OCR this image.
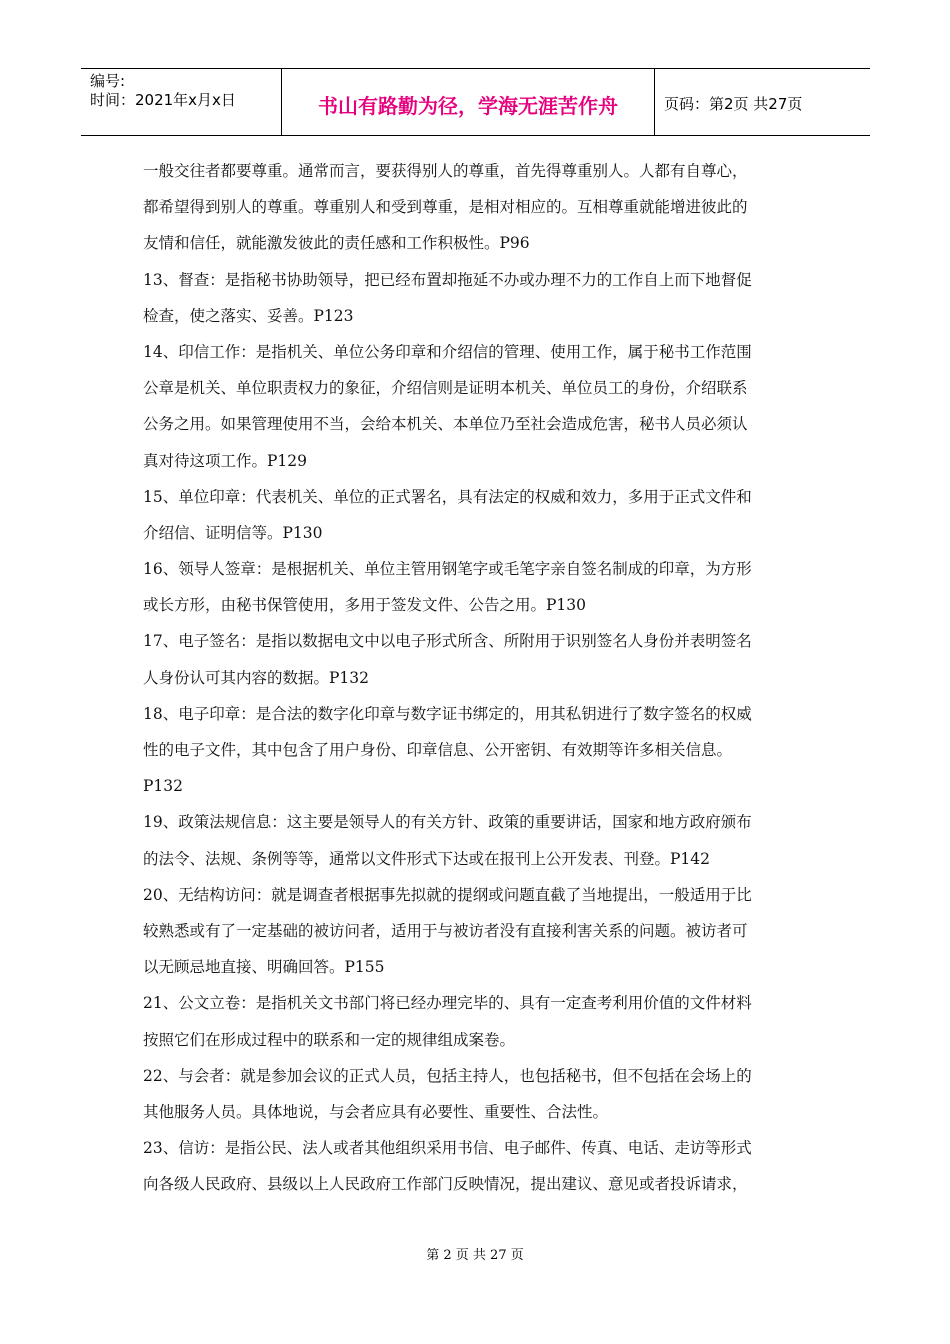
编号:
时间：2021年x月x日	书山有路勤为径，学海无涯苦作舟	页码：第2页 共27页
一般交往者都要尊重。通常而言，要获得别人的尊重，首先得尊重别人。人都有自尊心，
都希望得到别人的尊重。尊重别人和受到尊重，是相对相应的。互相尊重就能增进彼此的
友情和信任，就能激发彼此的责任感和工作积极性。P96
13、督查：是指秘书协助领导，把已经布置却拖延不办或办理不力的工作自上而下地督促
检查，使之落实、妥善。P123
14、印信工作：是指机关、单位公务印章和介绍信的管理、使用工作，属于秘书工作范围
公章是机关、单位职责权力的象征，介绍信则是证明本机关、单位员工的身份，介绍联系
公务之用。如果管理使用不当，会给本机关、本单位乃至社会造成危害，秘书人员必须认
真对待这项工作。P129
15、单位印章：代表机关、单位的正式署名，具有法定的权威和效力，多用于正式文件和
介绍信、证明信等。P130
16、领导人签章：是根据机关、单位主管用钢笔字或毛笔字亲自签名制成的印章，为方形
或长方形，由秘书保管使用，多用于签发文件、公告之用。P130
17、电子签名：是指以数据电文中以电子形式所含、所附用于识别签名人身份并表明签名
人身份认可其内容的数据。P132
18、电子印章：是合法的数字化印章与数字证书绑定的，用其私钥进行了数字签名的权威
性的电子文件，其中包含了用户身份、印章信息、公开密钥、有效期等许多相关信息。
P132
19、政策法规信息：这主要是领导人的有关方针、政策的重要讲话，国家和地方政府颁布
的法令、法规、条例等等，通常以文件形式下达或在报刊上公开发表、刊登。P142
20、无结构访问：就是调查者根据事先拟就的提纲或问题直截了当地提出，一般适用于比
较熟悉或有了一定基础的被访问者，适用于与被访者没有直接利害关系的问题。被访者可
以无顾忌地直接、明确回答。P155
21、公文立卷：是指机关文书部门将已经办理完毕的、具有一定查考利用价值的文件材料
按照它们在形成过程中的联系和一定的规律组成案卷。
22、与会者：就是参加会议的正式人员，包括主持人，也包括秘书，但不包括在会场上的
其他服务人员。具体地说，与会者应具有必要性、重要性、合法性。
23、信访：是指公民、法人或者其他组织采用书信、电子邮件、传真、电话、走访等形式
向各级人民政府、县级以上人民政府工作部门反映情况，提出建议、意见或者投诉请求，
第 2 页 共 27 页
